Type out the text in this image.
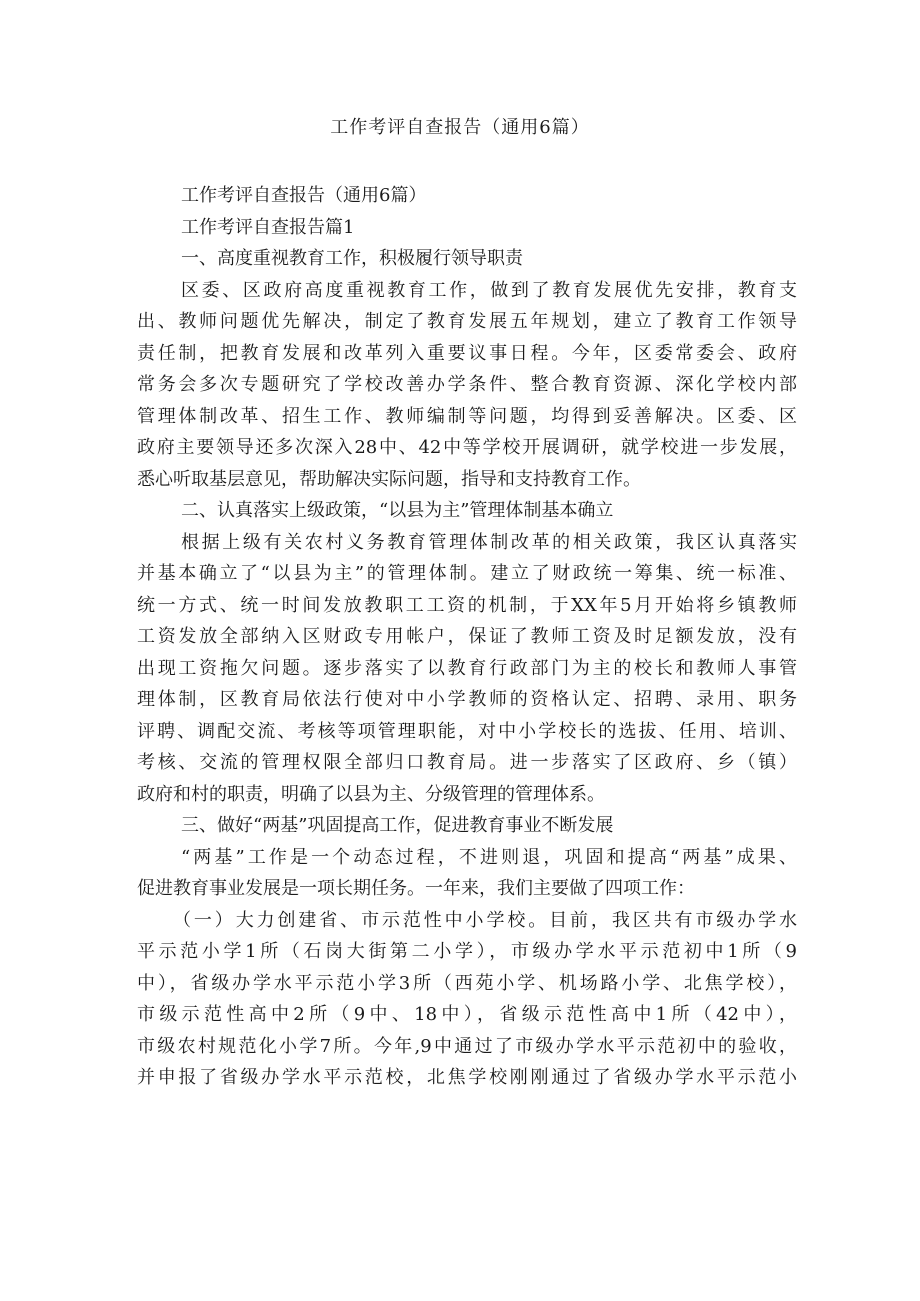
工作考评自查报告（通用6篇）
工作考评自查报告（通用6篇）
工作考评自查报告篇1
一、高度重视教育工作，积极履行领导职责
区委、区政府高度重视教育工作，做到了教育发展优先安排，教育支
出、教师问题优先解决，制定了教育发展五年规划，建立了教育工作领导
责任制，把教育发展和改革列入重要议事日程。今年，区委常委会、政府
常务会多次专题研究了学校改善办学条件、整合教育资源、深化学校内部
管理体制改革、招生工作、教师编制等问题，均得到妥善解决。区委、区
政府主要领导还多次深入28中、42中等学校开展调研，就学校进一步发展，
悉心听取基层意见，帮助解决实际问题，指导和支持教育工作。
二、认真落实上级政策，“以县为主”管理体制基本确立
根据上级有关农村义务教育管理体制改革的相关政策，我区认真落实
并基本确立了“以县为主”的管理体制。建立了财政统一筹集、统一标准、
统一方式、统一时间发放教职工工资的机制，于XX年5月开始将乡镇教师
工资发放全部纳入区财政专用帐户，保证了教师工资及时足额发放，没有
出现工资拖欠问题。逐步落实了以教育行政部门为主的校长和教师人事管
理体制，区教育局依法行使对中小学教师的资格认定、招聘、录用、职务
评聘、调配交流、考核等项管理职能，对中小学校长的选拔、任用、培训、
考核、交流的管理权限全部归口教育局。进一步落实了区政府、乡（镇）
政府和村的职责，明确了以县为主、分级管理的管理体系。
三、做好“两基”巩固提高工作，促进教育事业不断发展
“两基”工作是一个动态过程，不进则退，巩固和提高“两基”成果、
促进教育事业发展是一项长期任务。一年来，我们主要做了四项工作：
（一）大力创建省、市示范性中小学校。目前，我区共有市级办学水
平示范小学1所（石岗大街第二小学），市级办学水平示范初中1所（9
中），省级办学水平示范小学3所（西苑小学、机场路小学、北焦学校），
市级示范性高中2所（9中、18中），省级示范性高中1所（42中），
市级农村规范化小学7所。今年,9中通过了市级办学水平示范初中的验收，
并申报了省级办学水平示范校，北焦学校刚刚通过了省级办学水平示范小
